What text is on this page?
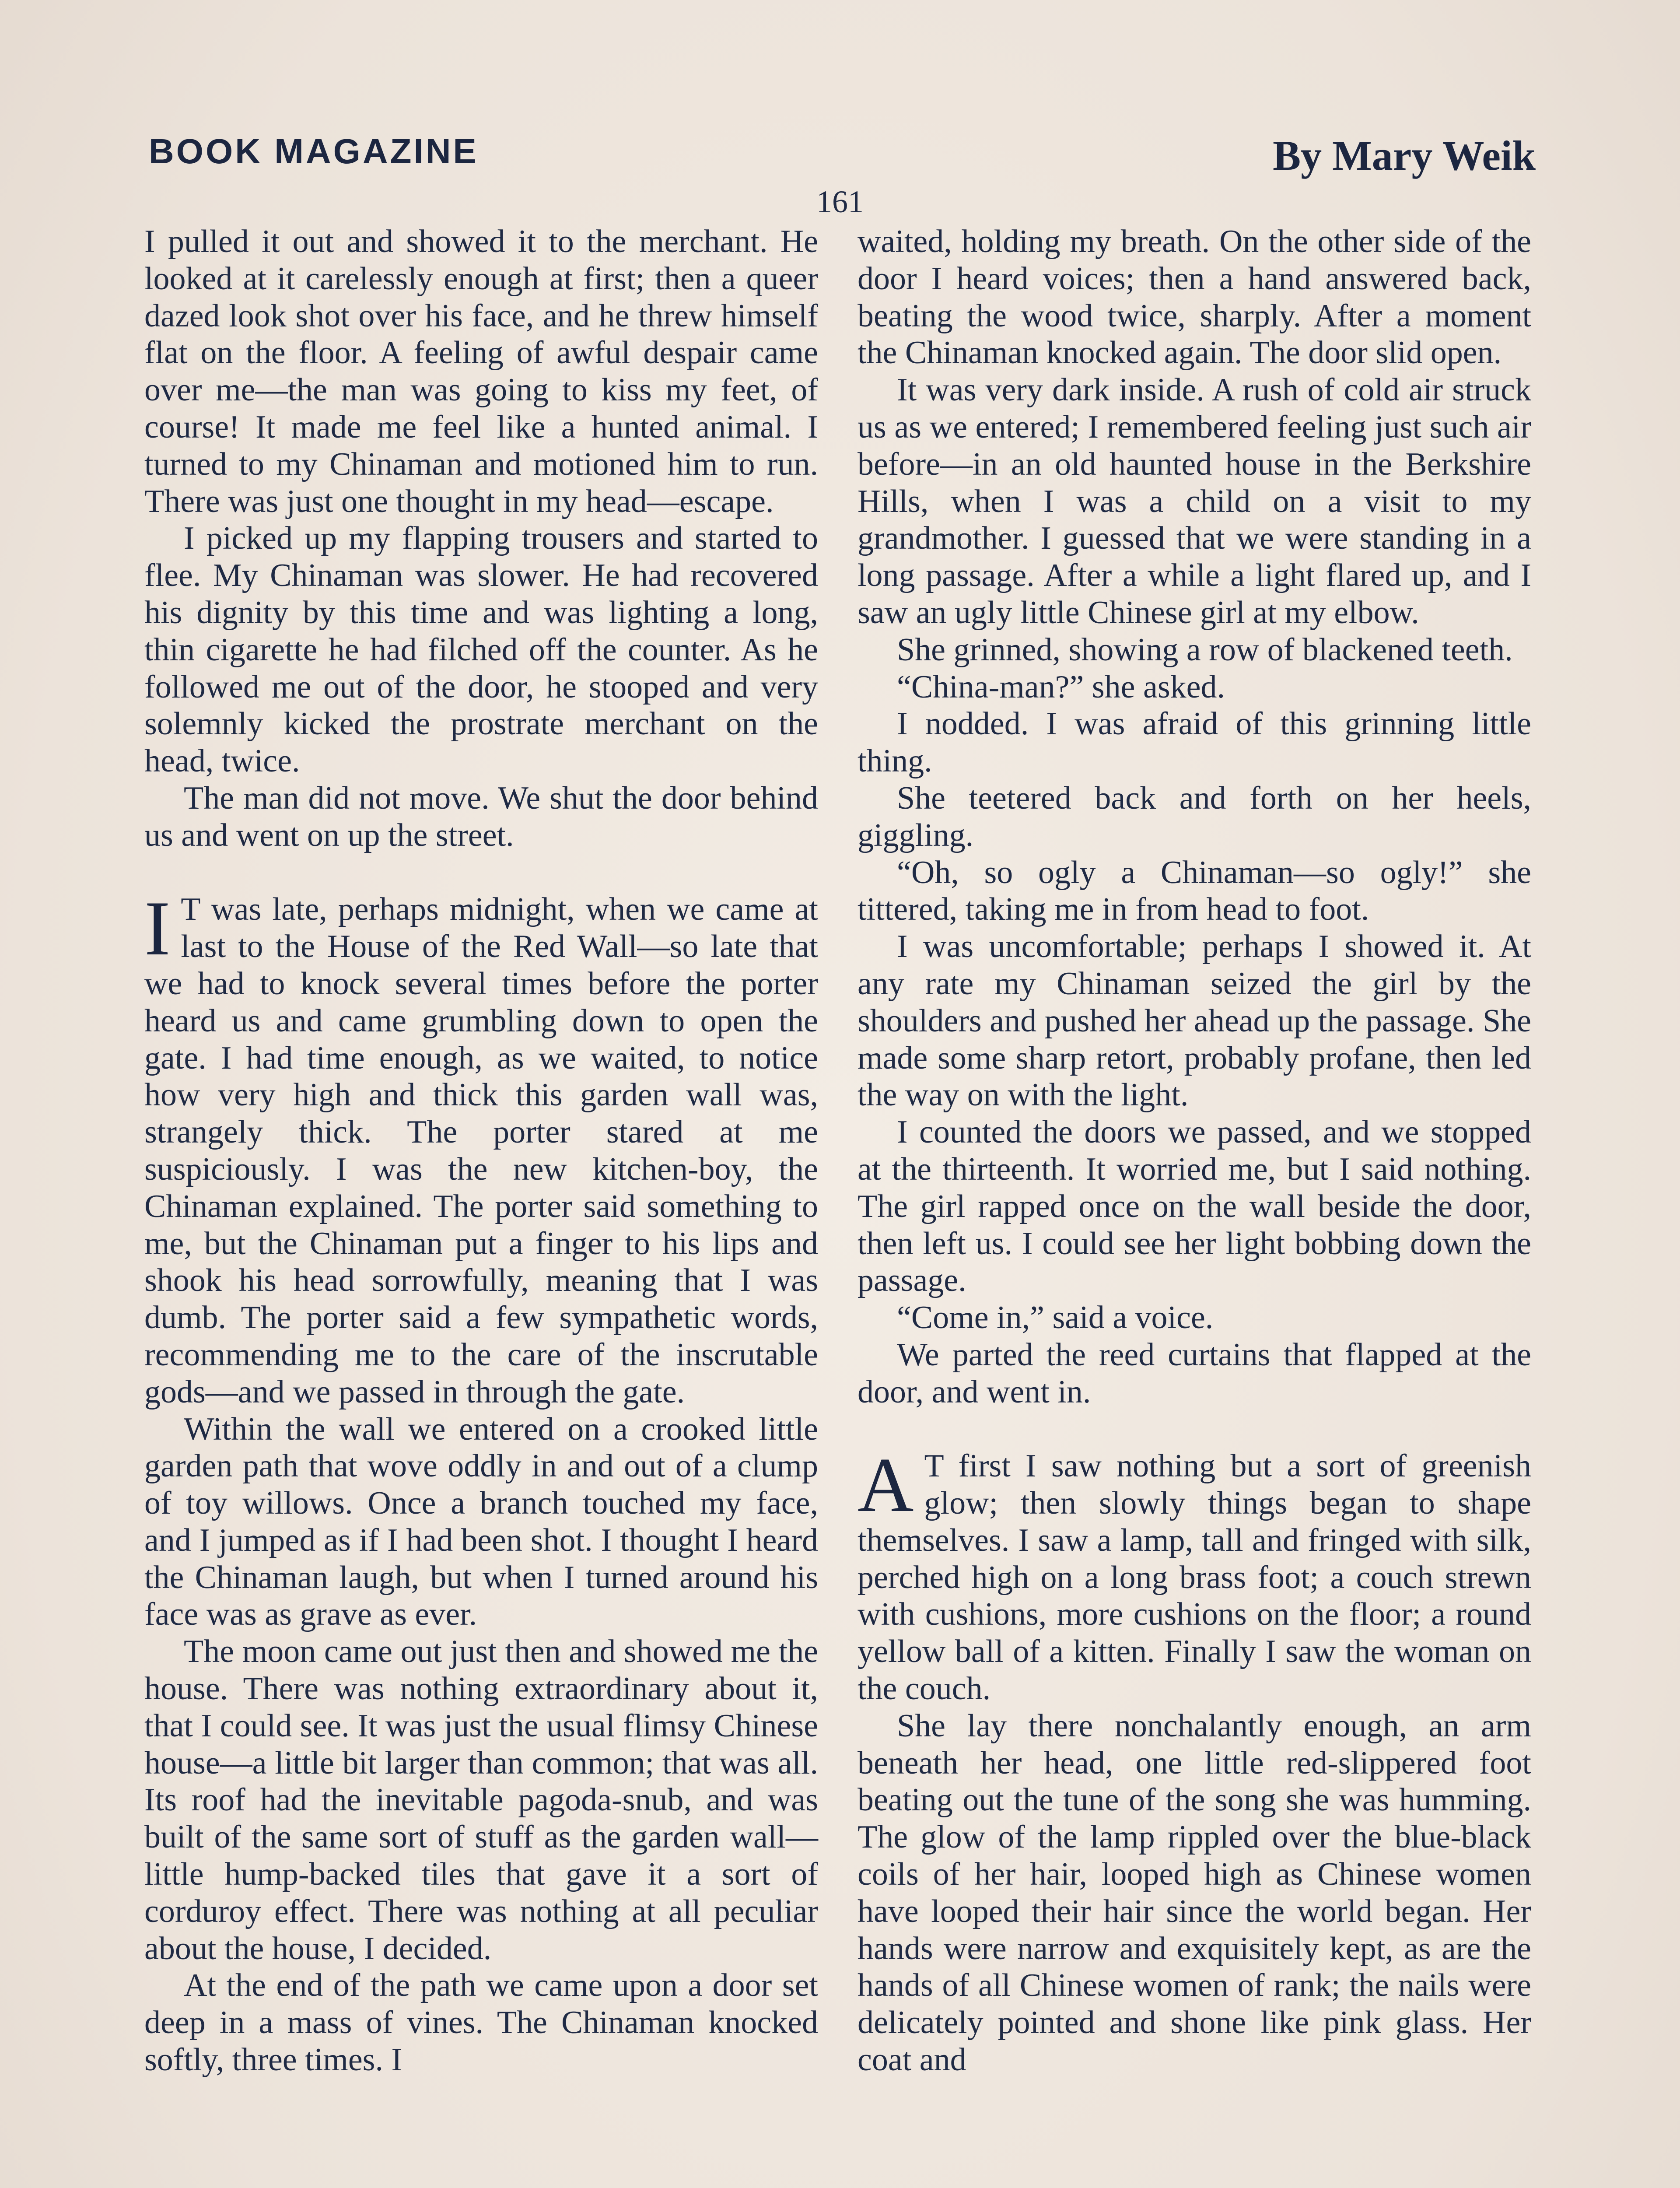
BOOK MAGAZINE	By Mary Weik
161

I pulled it out and showed it to the merchant. He looked at it carelessly enough at first; then a queer dazed look shot over his face, and he threw himself flat on the floor. A feeling of awful despair came over me—the man was going to kiss my feet, of course! It made me feel like a hunted animal. I turned to my Chinaman and motioned him to run. There was just one thought in my head—escape.

I picked up my flapping trousers and started to flee. My Chinaman was slower. He had recovered his dignity by this time and was lighting a long, thin cigarette he had filched off the counter. As he followed me out of the door, he stooped and very solemnly kicked the prostrate merchant on the head, twice.

The man did not move. We shut the door behind us and went on up the street.

I T was late, perhaps midnight, when we came at last to the House of the Red Wall—so late that we had to knock several times before the porter heard us and came grumbling down to open the gate. I had time enough, as we waited, to notice how very high and thick this garden wall was, strangely thick. The porter stared at me suspiciously. I was the new kitchen-boy, the Chinaman explained. The porter said something to me, but the Chinaman put a finger to his lips and shook his head sorrowfully, meaning that I was dumb. The porter said a few sympathetic words, recommending me to the care of the inscrutable gods—and we passed in through the gate.

Within the wall we entered on a crooked little garden path that wove oddly in and out of a clump of toy willows. Once a branch touched my face, and I jumped as if I had been shot. I thought I heard the Chinaman laugh, but when I turned around his face was as grave as ever.

The moon came out just then and showed me the house. There was nothing extraordinary about it, that I could see. It was just the usual flimsy Chinese house—a little bit larger than common; that was all. Its roof had the inevitable pagoda-snub, and was built of the same sort of stuff as the garden wall—little hump-backed tiles that gave it a sort of corduroy effect. There was nothing at all peculiar about the house, I decided.

At the end of the path we came upon a door set deep in a mass of vines. The Chinaman knocked softly, three times. I

waited, holding my breath. On the other side of the door I heard voices; then a hand answered back, beating the wood twice, sharply. After a moment the Chinaman knocked again. The door slid open.

It was very dark inside. A rush of cold air struck us as we entered; I remembered feeling just such air before—in an old haunted house in the Berkshire Hills, when I was a child on a visit to my grandmother. I guessed that we were standing in a long passage. After a while a light flared up, and I saw an ugly little Chinese girl at my elbow.

She grinned, showing a row of blackened teeth.

“China-man?” she asked.

I nodded. I was afraid of this grinning little thing.

She teetered back and forth on her heels, giggling.

“Oh, so ogly a Chinaman—so ogly!” she tittered, taking me in from head to foot.

I was uncomfortable; perhaps I showed it. At any rate my Chinaman seized the girl by the shoulders and pushed her ahead up the passage. She made some sharp retort, probably profane, then led the way on with the light.

I counted the doors we passed, and we stopped at the thirteenth. It worried me, but I said nothing. The girl rapped once on the wall beside the door, then left us. I could see her light bobbing down the passage.

“Come in,” said a voice.

We parted the reed curtains that flapped at the door, and went in.

A T first I saw nothing but a sort of greenish glow; then slowly things began to shape themselves. I saw a lamp, tall and fringed with silk, perched high on a long brass foot; a couch strewn with cushions, more cushions on the floor; a round yellow ball of a kitten. Finally I saw the woman on the couch.

She lay there nonchalantly enough, an arm beneath her head, one little red-slippered foot beating out the tune of the song she was humming. The glow of the lamp rippled over the blue-black coils of her hair, looped high as Chinese women have looped their hair since the world began. Her hands were narrow and exquisitely kept, as are the hands of all Chinese women of rank; the nails were delicately pointed and shone like pink glass. Her coat and
